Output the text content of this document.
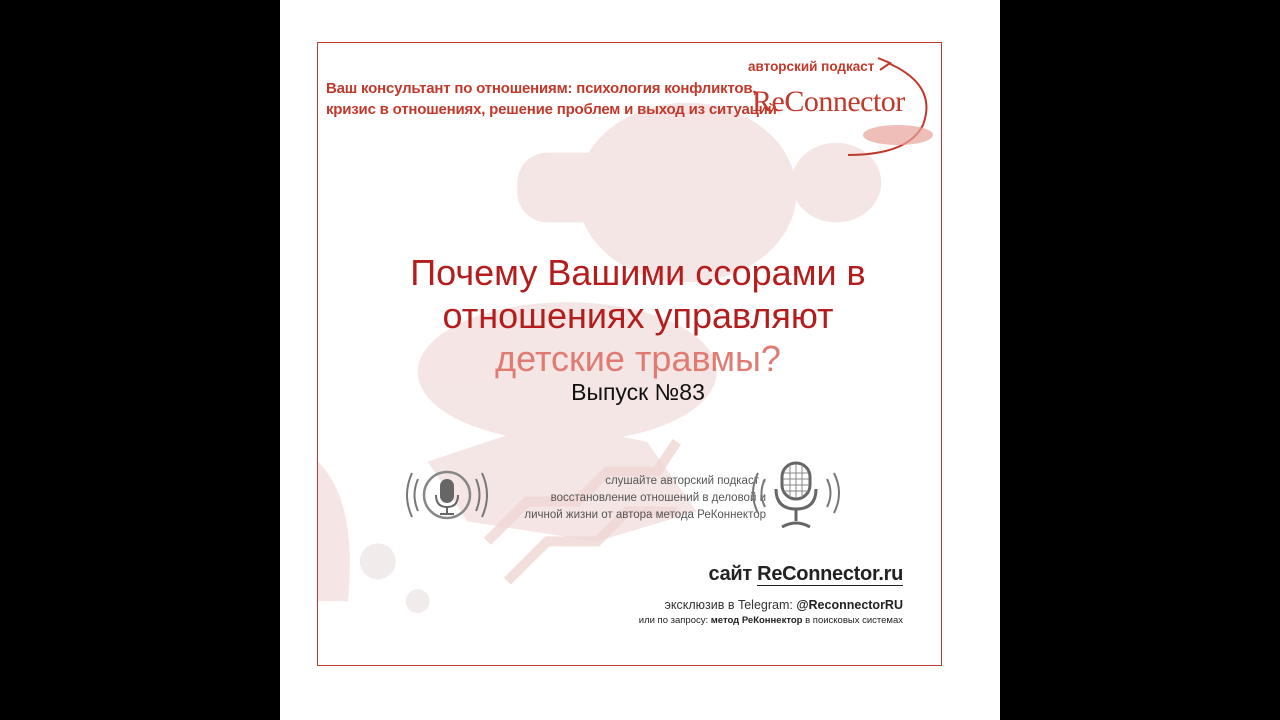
Ваш консультант по отношениям: психология конфликтов,
кризис в отношениях, решение проблем и выход из ситуаций
авторский подкаст
ReConnector
Почему Вашими ссорами в
отношениях управляют
детские травмы?
Выпуск №83
слушайте авторский подкаст -
восстановление отношений в деловой и
личной жизни от автора метода РеКоннектор
сайт ReConnector.ru
эксклюзив в Telegram: @ReconnectorRU
или по запросу: метод РеКоннектор в поисковых системах
